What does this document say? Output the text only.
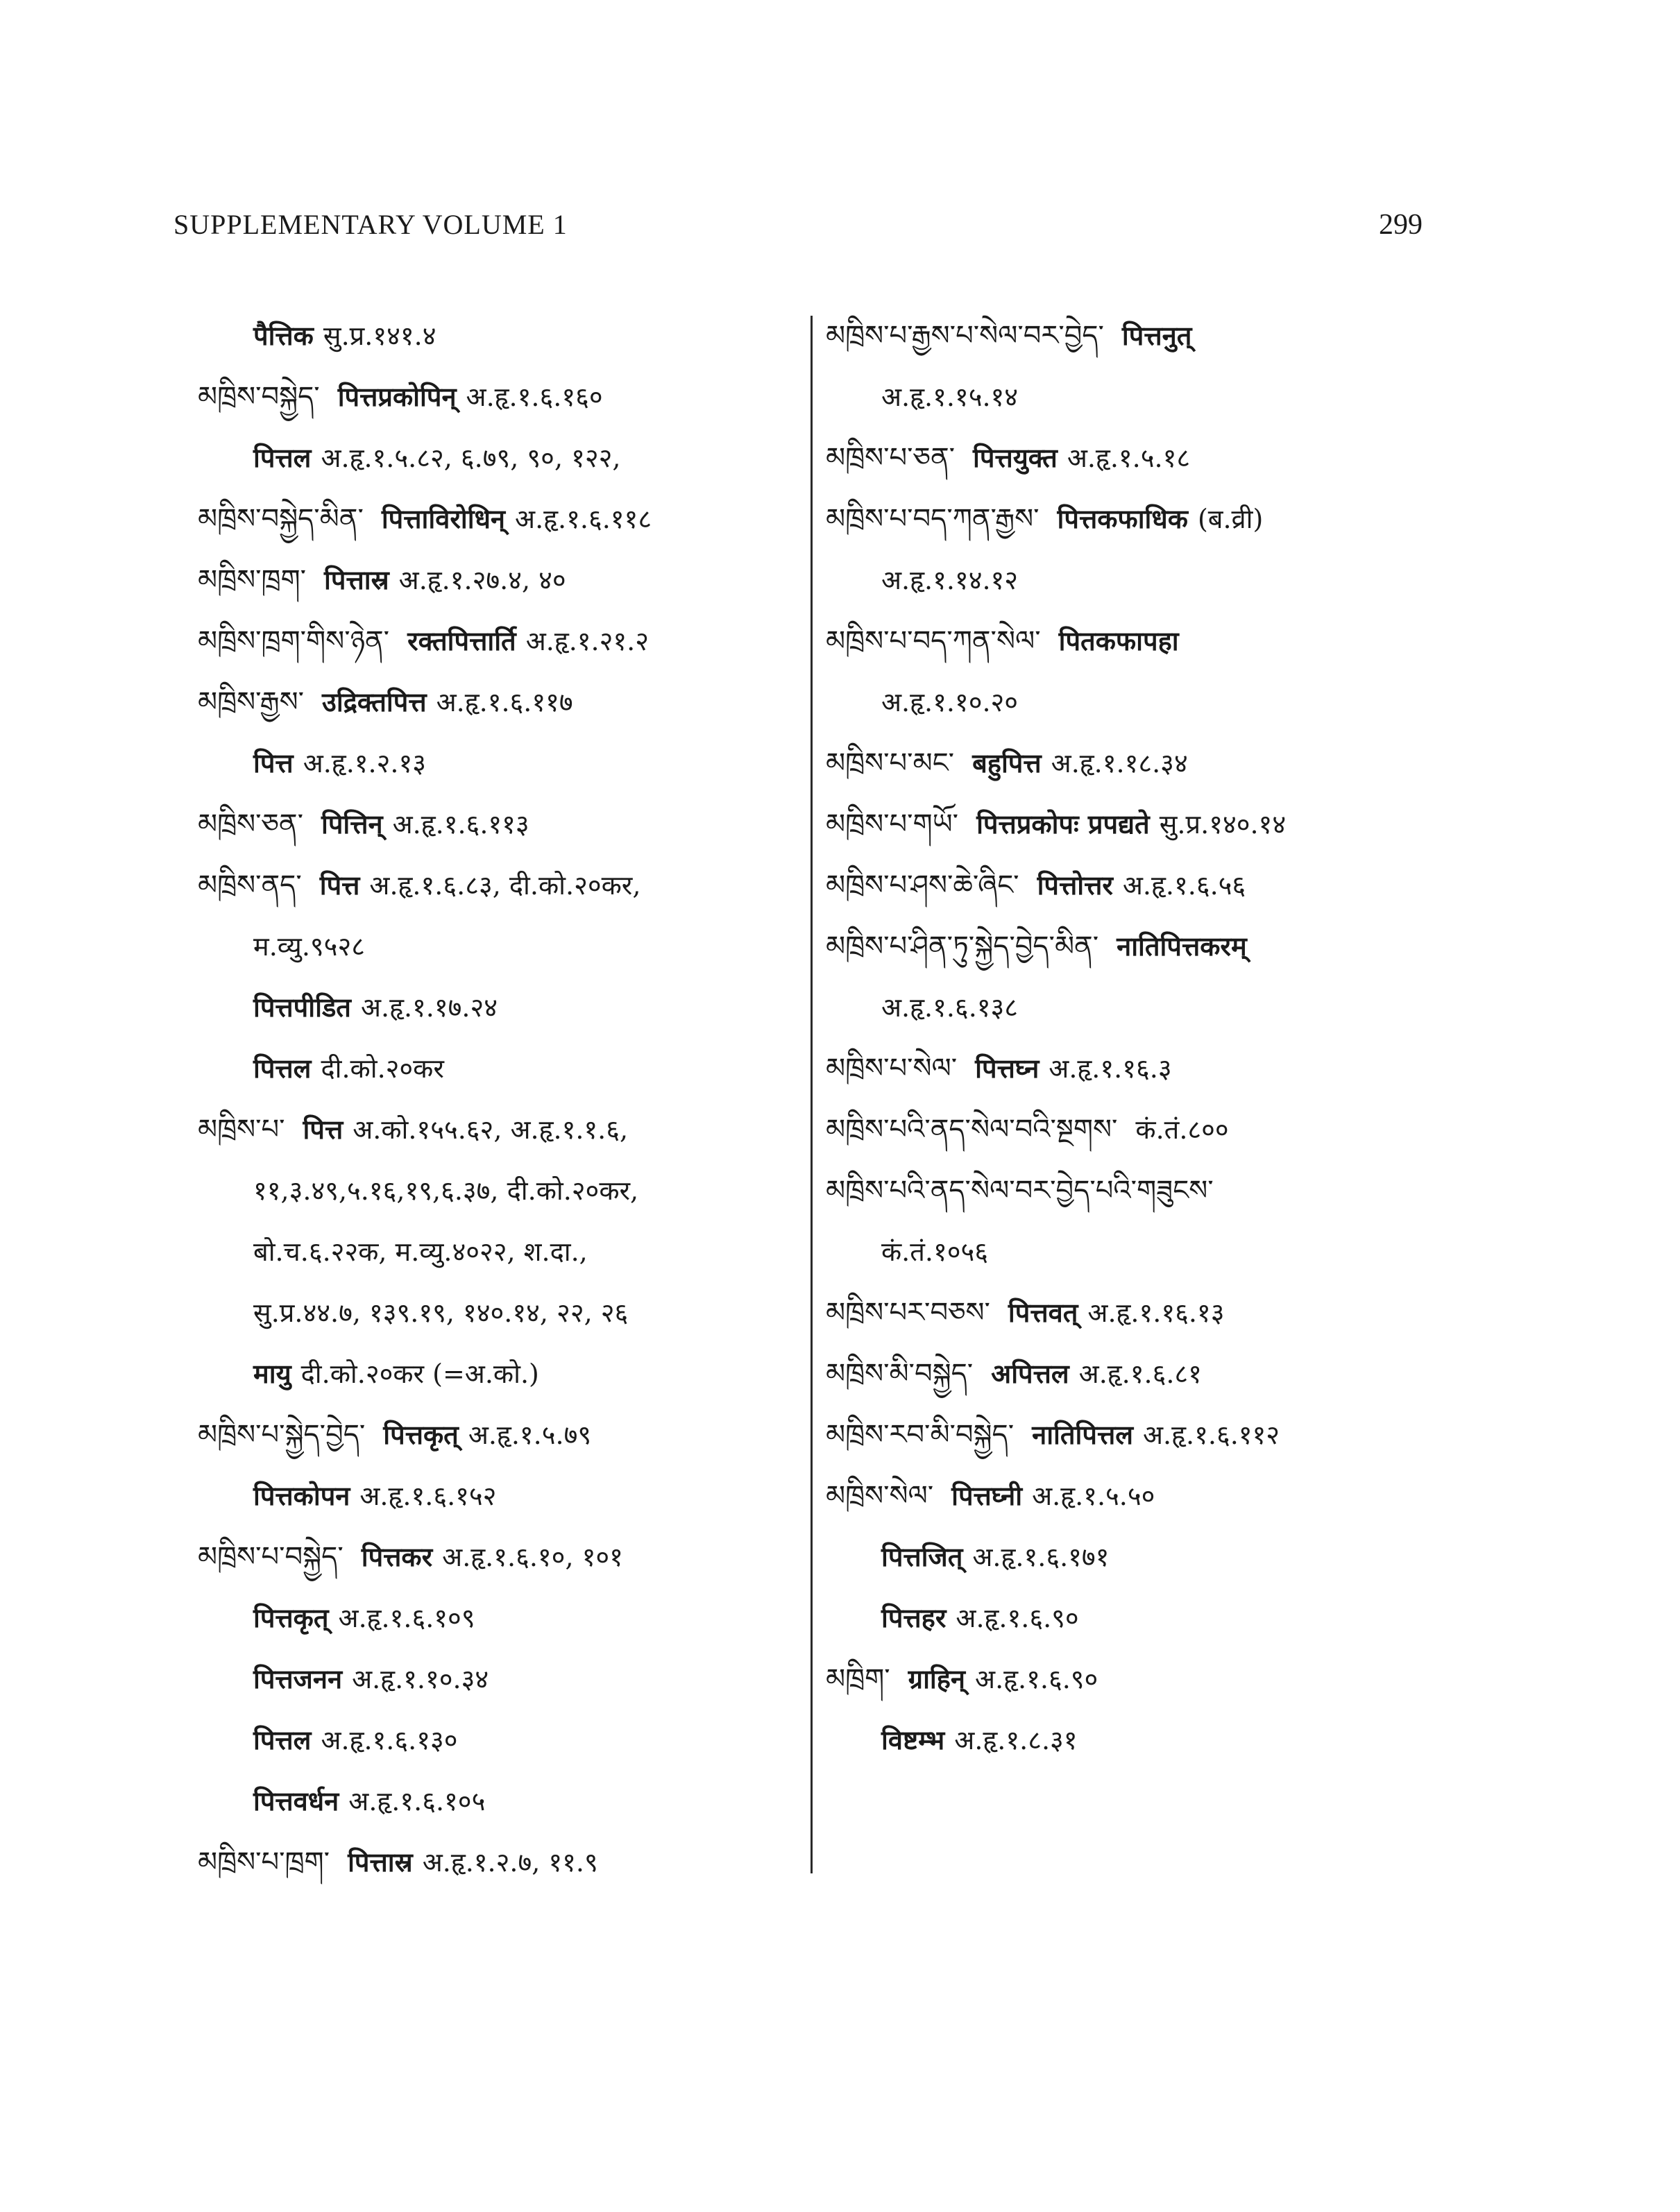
SUPPLEMENTARY VOLUME 1	299
पैत्तिक सु.प्र.१४१.४
མཁྲིས་བསྐྱེད་ पित्तप्रकोपिन् अ.हृ.१.६.१६०
पित्तल अ.हृ.१.५.८२, ६.७९, ९०, १२२,
མཁྲིས་བསྐྱེད་མིན་ पित्ताविरोधिन् अ.हृ.१.६.११८
མཁྲིས་ཁྲག་ पित्तास्र अ.हृ.१.२७.४, ४०
མཁྲིས་ཁྲག་གིས་ཉེན་ रक्तपित्तार्ति अ.हृ.१.२१.२
མཁྲིས་རྒྱས་ उद्रिक्तपित्त अ.हृ.१.६.११७
पित्त अ.हृ.१.२.१३
མཁྲིས་ཅན་ पित्तिन् अ.हृ.१.६.११३
མཁྲིས་ནད་ पित्त अ.हृ.१.६.८३, दी.को.२०कर,
म.व्यु.९५२८
पित्तपीडित अ.हृ.१.१७.२४
पित्तल दी.को.२०कर
མཁྲིས་པ་ पित्त अ.को.१५५.६२, अ.हृ.१.१.६,
११,३.४९,५.१६,१९,६.३७, दी.को.२०कर,
बो.च.६.२२क, म.व्यु.४०२२, श.दा.,
सु.प्र.४४.७, १३९.१९, १४०.१४, २२, २६
मायु दी.को.२०कर (=अ.को.)
མཁྲིས་པ་སྐྱེད་བྱེད་ पित्तकृत् अ.हृ.१.५.७९
पित्तकोपन अ.हृ.१.६.१५२
མཁྲིས་པ་བསྐྱེད་ पित्तकर अ.हृ.१.६.१०, १०१
पित्तकृत् अ.हृ.१.६.१०९
पित्तजनन अ.हृ.१.१०.३४
पित्तल अ.हृ.१.६.१३०
पित्तवर्धन अ.हृ.१.६.१०५
མཁྲིས་པ་ཁྲག་ पित्तास्र अ.हृ.१.२.७, ११.९
མཁྲིས་པ་རྒྱས་པ་སེལ་བར་བྱེད་ पित्तनुत्
अ.हृ.१.१५.१४
མཁྲིས་པ་ཅན་ पित्तयुक्त अ.हृ.१.५.१८
མཁྲིས་པ་བད་ཀན་རྒྱས་ पित्तकफाधिक (ब.व्री)
अ.हृ.१.१४.१२
མཁྲིས་པ་བད་ཀན་སེལ་ पितकफापहा
अ.हृ.१.१०.२०
མཁྲིས་པ་མང་ बहुपित्त अ.हृ.१.१८.३४
མཁྲིས་པ་གཡོ་ पित्तप्रकोपः प्रपद्यते सु.प्र.१४०.१४
མཁྲིས་པ་ཤས་ཆེ་ཞིང་ पित्तोत्तर अ.हृ.१.६.५६
མཁྲིས་པ་ཤིན་ཏུ་སྐྱེད་བྱེད་མིན་ नातिपित्तकरम्
अ.हृ.१.६.१३८
མཁྲིས་པ་སེལ་ पित्तघ्न अ.हृ.१.१६.३
མཁྲིས་པའི་ནད་སེལ་བའི་སྔགས་ कं.तं.८००
མཁྲིས་པའི་ནད་སེལ་བར་བྱེད་པའི་གཟུངས་
कं.तं.१०५६
མཁྲིས་པར་བཅས་ पित्तवत् अ.हृ.१.१६.१३
མཁྲིས་མི་བསྐྱེད་ अपित्तल अ.हृ.१.६.८१
མཁྲིས་རབ་མི་བསྐྱེད་ नातिपित्तल अ.हृ.१.६.११२
མཁྲིས་སེལ་ पित्तघ्नी अ.हृ.१.५.५०
पित्तजित् अ.हृ.१.६.१७१
पित्तहर अ.हृ.१.६.९०
མཁྲིག་ ग्राहिन् अ.हृ.१.६.९०
विष्टम्भ अ.हृ.१.८.३१
